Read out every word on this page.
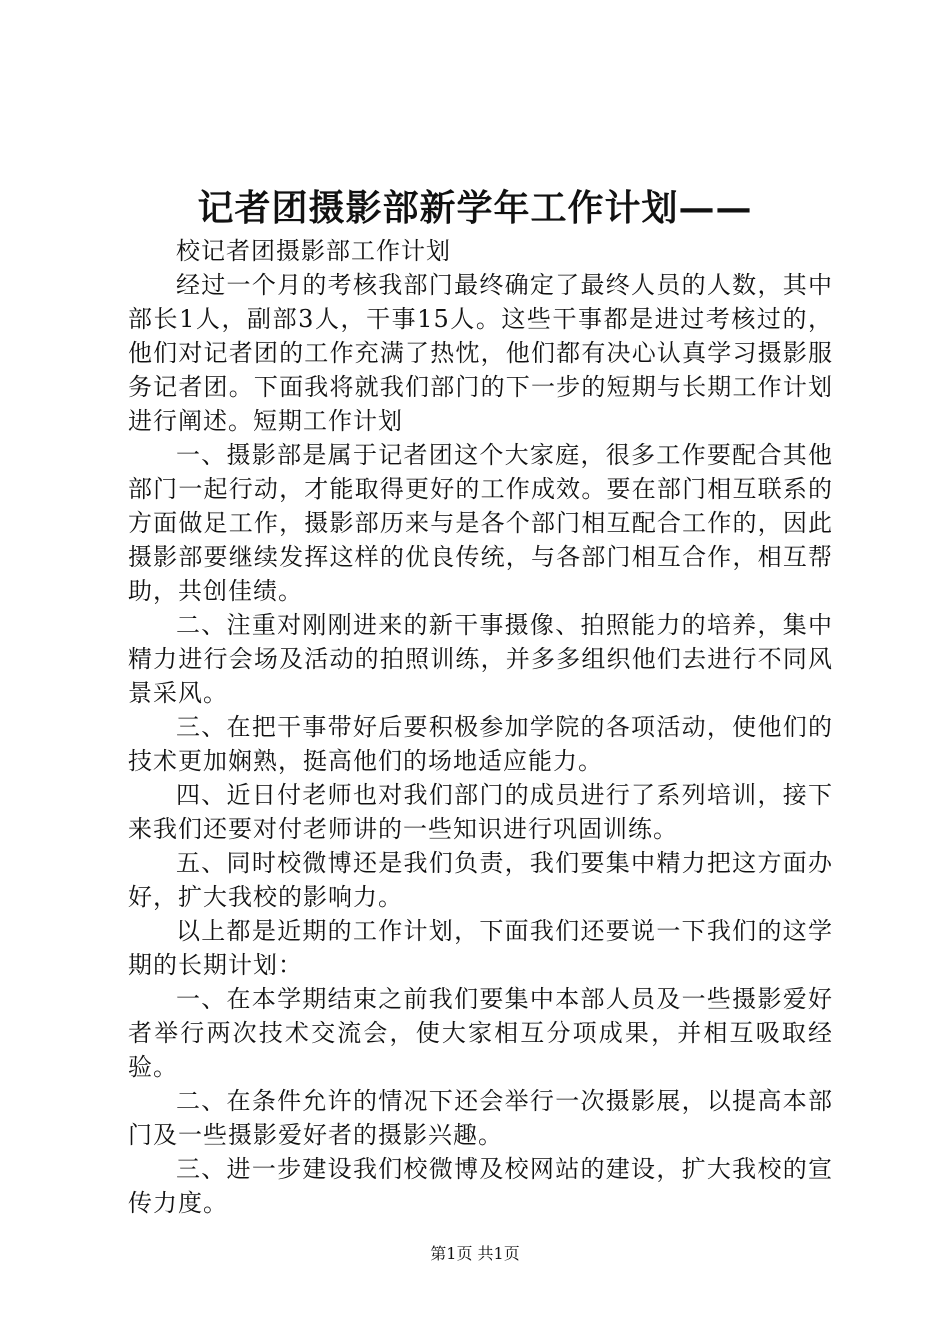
记者团摄影部新学年工作计划——

校记者团摄影部工作计划

经过一个月的考核我部门最终确定了最终人员的人数，其中部长1人，副部3人，干事15人。这些干事都是进过考核过的，他们对记者团的工作充满了热忱，他们都有决心认真学习摄影服务记者团。下面我将就我们部门的下一步的短期与长期工作计划进行阐述。短期工作计划

一、摄影部是属于记者团这个大家庭，很多工作要配合其他部门一起行动，才能取得更好的工作成效。要在部门相互联系的方面做足工作，摄影部历来与是各个部门相互配合工作的，因此摄影部要继续发挥这样的优良传统，与各部门相互合作，相互帮助，共创佳绩。

二、注重对刚刚进来的新干事摄像、拍照能力的培养，集中精力进行会场及活动的拍照训练，并多多组织他们去进行不同风景采风。

三、在把干事带好后要积极参加学院的各项活动，使他们的技术更加娴熟，挺高他们的场地适应能力。

四、近日付老师也对我们部门的成员进行了系列培训，接下来我们还要对付老师讲的一些知识进行巩固训练。

五、同时校微博还是我们负责，我们要集中精力把这方面办好，扩大我校的影响力。

以上都是近期的工作计划，下面我们还要说一下我们的这学期的长期计划：

一、在本学期结束之前我们要集中本部人员及一些摄影爱好者举行两次技术交流会，使大家相互分项成果，并相互吸取经验。

二、在条件允许的情况下还会举行一次摄影展，以提高本部门及一些摄影爱好者的摄影兴趣。

三、进一步建设我们校微博及校网站的建设，扩大我校的宣传力度。

第1页 共1页
